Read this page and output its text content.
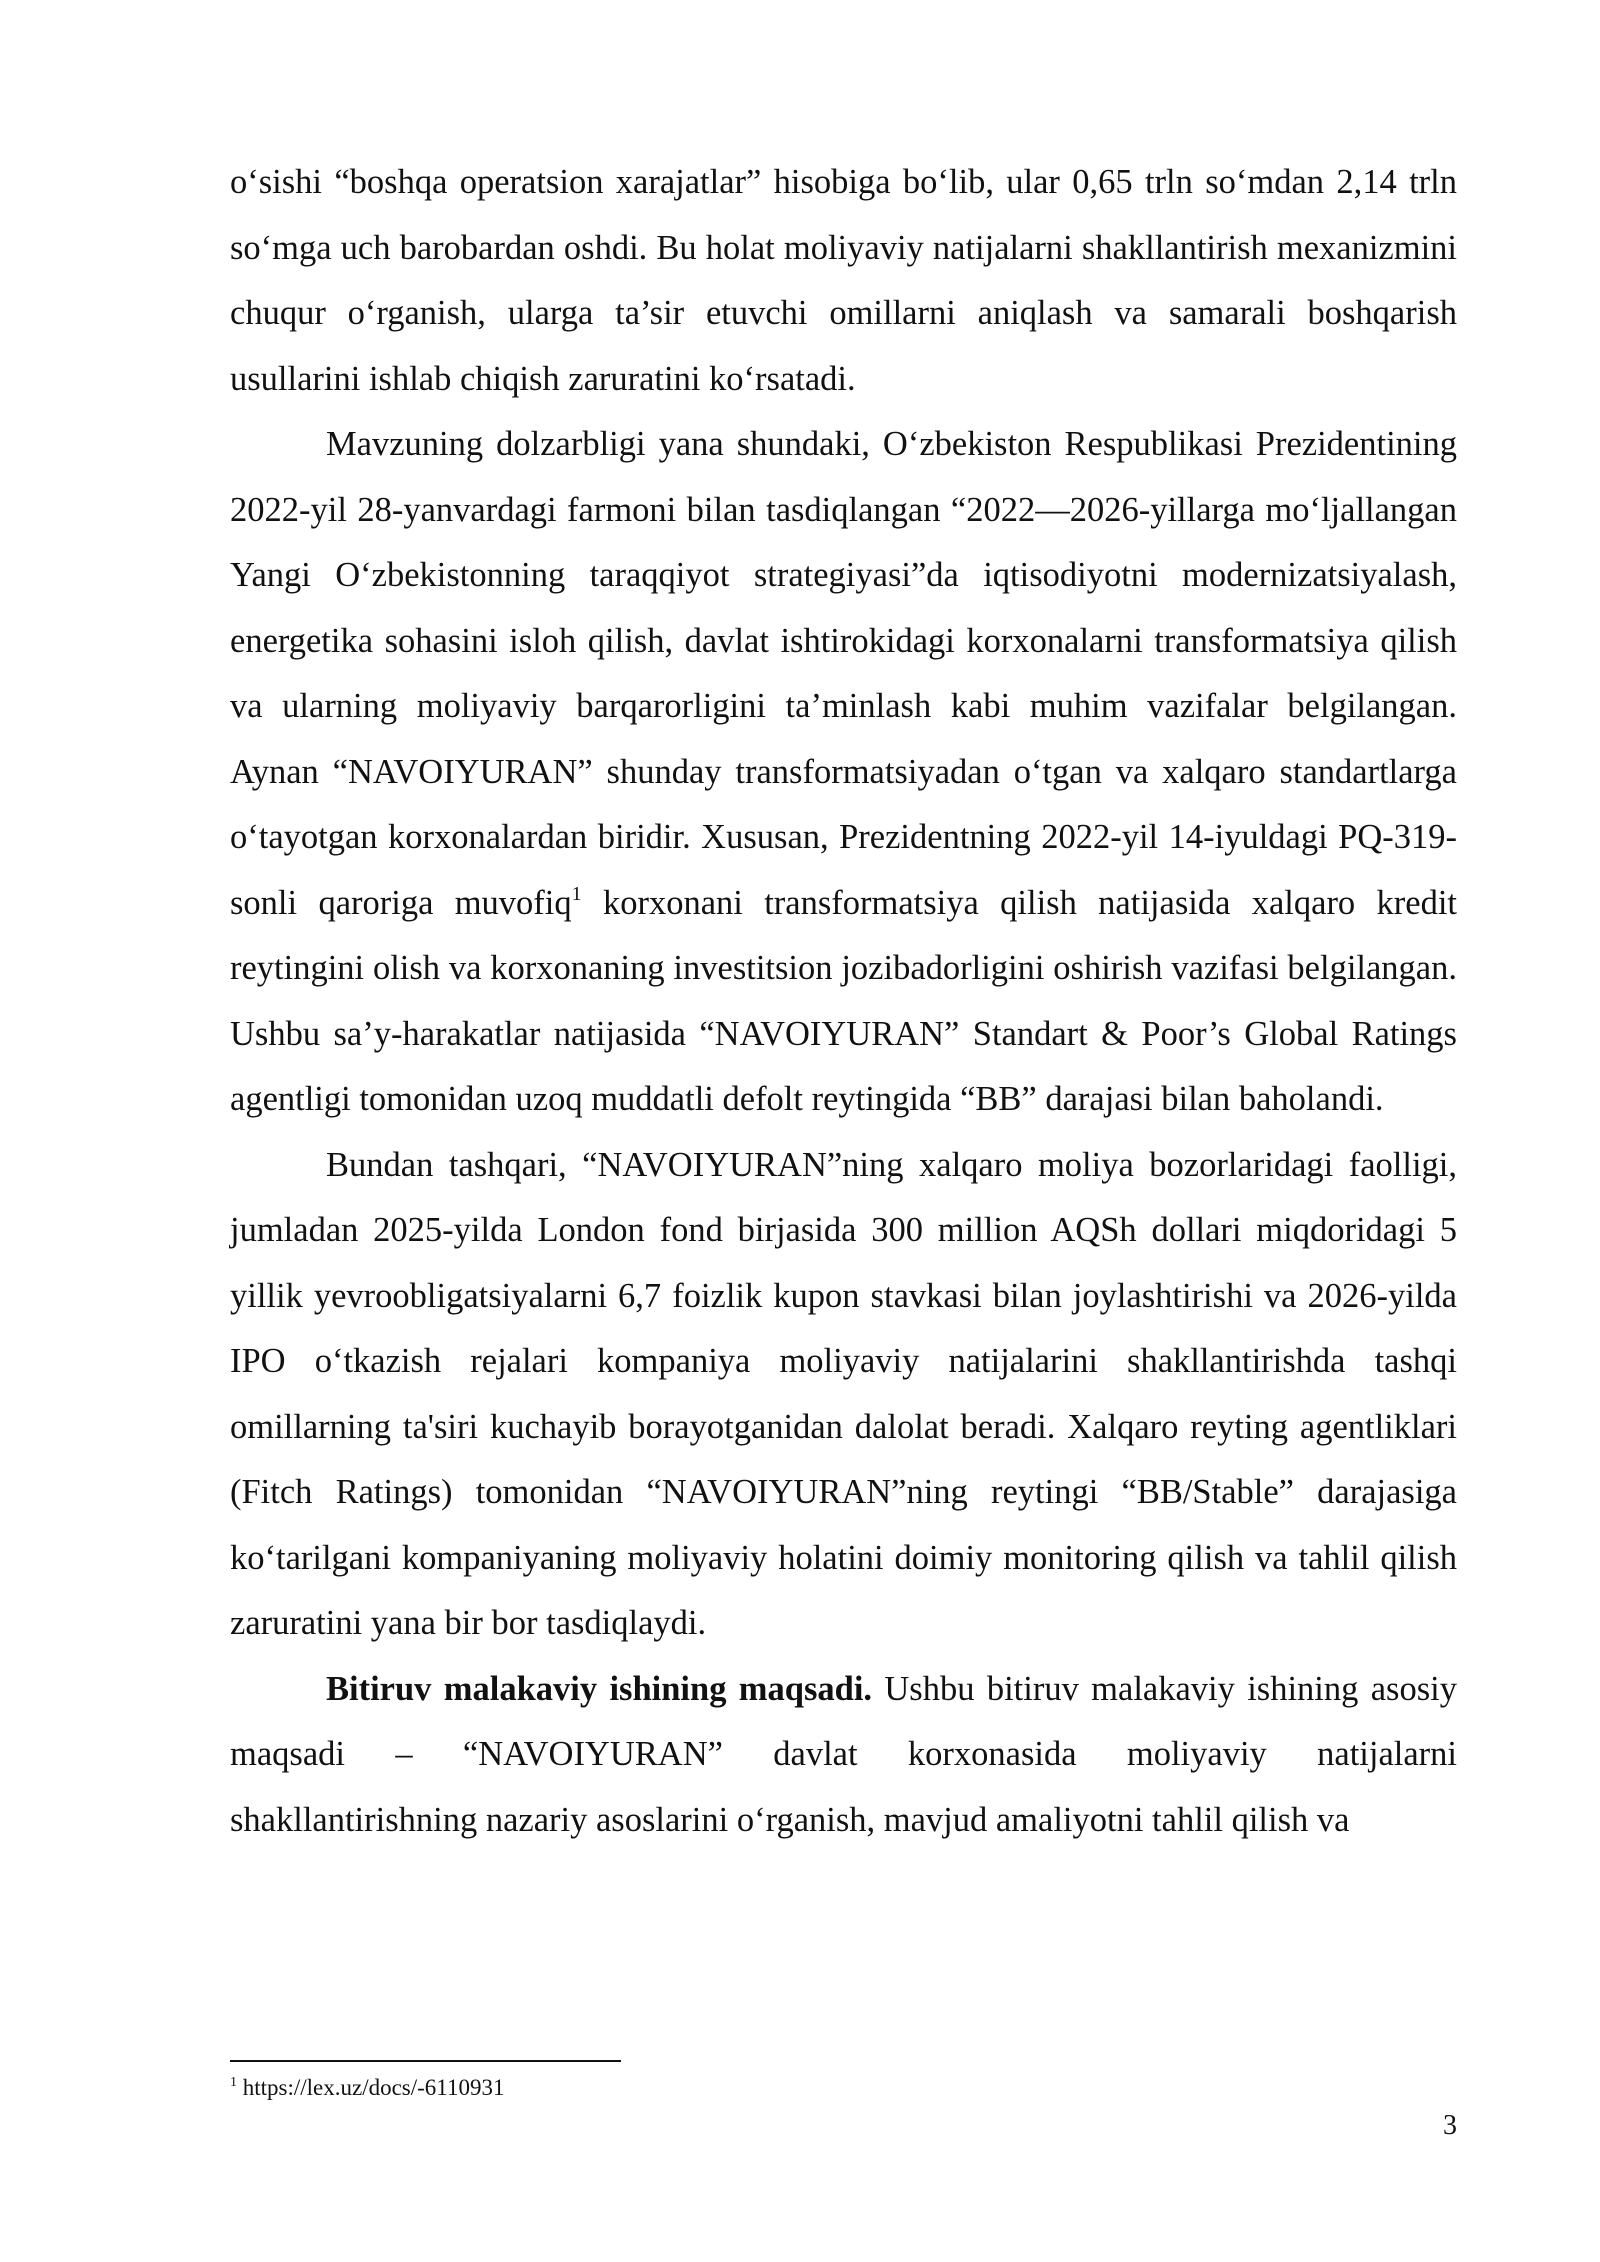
o‘sishi “boshqa operatsion xarajatlar” hisobiga bo‘lib, ular 0,65 trln so‘mdan 2,14 trln so‘mga uch barobardan oshdi. Bu holat moliyaviy natijalarni shakllantirish mexanizmini chuqur o‘rganish, ularga ta’sir etuvchi omillarni aniqlash va samarali boshqarish usullarini ishlab chiqish zaruratini ko‘rsatadi.

Mavzuning dolzarbligi yana shundaki, O‘zbekiston Respublikasi Prezidentining 2022-yil 28-yanvardagi farmoni bilan tasdiqlangan “2022—2026-yillarga mo‘ljallangan Yangi O‘zbekistonning taraqqiyot strategiyasi”da iqtisodiyotni modernizatsiyalash, energetika sohasini isloh qilish, davlat ishtirokidagi korxonalarni transformatsiya qilish va ularning moliyaviy barqarorligini ta’minlash kabi muhim vazifalar belgilangan. Aynan “NAVOIYURAN” shunday transformatsiyadan o‘tgan va xalqaro standartlarga o‘tayotgan korxonalardan biridir. Xususan, Prezidentning 2022-yil 14-iyuldagi PQ-319-sonli qaroriga muvofiq$^1$ korxonani transformatsiya qilish natijasida xalqaro kredit reytingini olish va korxonaning investitsion jozibadorligini oshirish vazifasi belgilangan. Ushbu sa’y-harakatlar natijasida “NAVOIYURAN” Standart & Poor’s Global Ratings agentligi tomonidan uzoq muddatli defolt reytingida “BB” darajasi bilan baholandi.

Bundan tashqari, “NAVOIYURAN”ning xalqaro moliya bozorlaridagi faolligi, jumladan 2025-yilda London fond birjasida 300 million AQSh dollari miqdoridagi 5 yillik yevroobligatsiyalarni 6,7 foizlik kupon stavkasi bilan joylashtirishi va 2026-yilda IPO o‘tkazish rejalari kompaniya moliyaviy natijalarini shakllantirishda tashqi omillarning ta'siri kuchayib borayotganidan dalolat beradi. Xalqaro reyting agentliklari (Fitch Ratings) tomonidan “NAVOIYURAN”ning reytingi “BB/Stable” darajasiga ko‘tarilgani kompaniyaning moliyaviy holatini doimiy monitoring qilish va tahlil qilish zaruratini yana bir bor tasdiqlaydi.

Bitiruv malakaviy ishining maqsadi. Ushbu bitiruv malakaviy ishining asosiy maqsadi – “NAVOIYURAN” davlat korxonasida moliyaviy natijalarni shakllantirishning nazariy asoslarini o‘rganish, mavjud amaliyotni tahlil qilish va

$^1$ https://lex.uz/docs/-6110931
3
